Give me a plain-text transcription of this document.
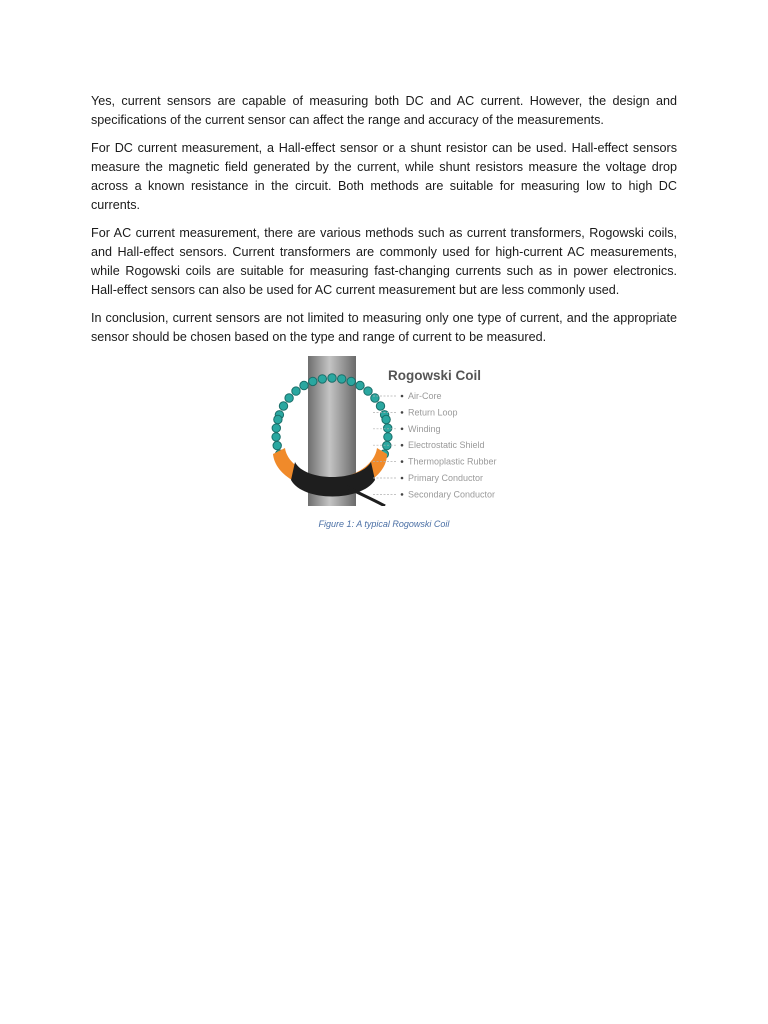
Yes, current sensors are capable of measuring both DC and AC current. However, the design and specifications of the current sensor can affect the range and accuracy of the measurements.

For DC current measurement, a Hall-effect sensor or a shunt resistor can be used. Hall-effect sensors measure the magnetic field generated by the current, while shunt resistors measure the voltage drop across a known resistance in the circuit. Both methods are suitable for measuring low to high DC currents.

For AC current measurement, there are various methods such as current transformers, Rogowski coils, and Hall-effect sensors. Current transformers are commonly used for high-current AC measurements, while Rogowski coils are suitable for measuring fast-changing currents such as in power electronics. Hall-effect sensors can also be used for AC current measurement but are less commonly used.

In conclusion, current sensors are not limited to measuring only one type of current, and the appropriate sensor should be chosen based on the type and range of current to be measured.

Rogowski Coil
Air-Core
Return Loop
Winding
Electrostatic Shield
Thermoplastic Rubber
Primary Conductor
Secondary Conductor
Figure 1: A typical Rogowski Coil
